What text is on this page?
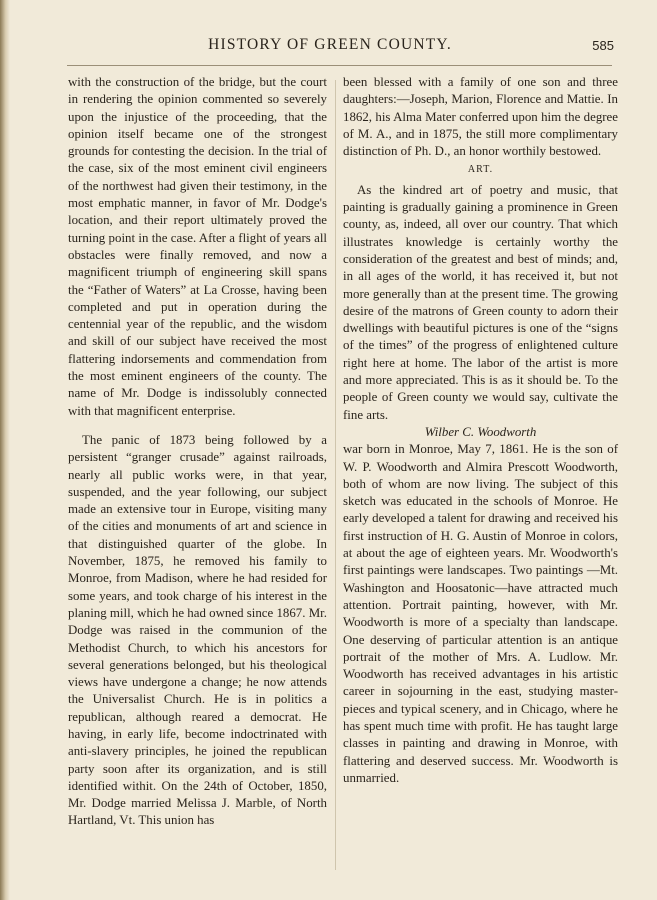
HISTORY OF GREEN COUNTY.	585

with the construction of the bridge, but the court in rendering the opinion commented so severely upon the injustice of the proceeding, that the opinion itself became one of the strongest grounds for contesting the decision. In the trial of the case, six of the most eminent civil engineers of the northwest had given their testimony, in the most emphatic manner, in favor of Mr. Dodge's location, and their report ultimately proved the turning point in the case. After a flight of years all obstacles were finally removed, and now a magnificent triumph of engineering skill spans the “Father of Waters” at La Crosse, having been completed and put in operation during the centennial year of the republic, and the wisdom and skill of our subject have received the most flattering indorsements and commendation from the most eminent engineers of the county. The name of Mr. Dodge is indissolubly connected with that magnificent enterprise.

The panic of 1873 being followed by a persistent “granger crusade” against railroads, nearly all public works were, in that year, suspended, and the year following, our subject made an extensive tour in Europe, visiting many of the cities and monuments of art and science in that distinguished quarter of the globe. In November, 1875, he removed his family to Monroe, from Madison, where he had resided for some years, and took charge of his interest in the planing mill, which he had owned since 1867. Mr. Dodge was raised in the communion of the Methodist Church, to which his ancestors for several generations belonged, but his theological views have undergone a change; he now attends the Universalist Church. He is in politics a republican, although reared a democrat. He having, in early life, become indoctrinated with anti-slavery principles, he joined the republican party soon after its organization, and is still identified withit. On the 24th of October, 1850, Mr. Dodge married Melissa J. Marble, of North Hartland, Vt. This union has

been blessed with a family of one son and three daughters:—Joseph, Marion, Florence and Mattie. In 1862, his Alma Mater conferred upon him the degree of M. A., and in 1875, the still more complimentary distinction of Ph. D., an honor worthily bestowed.

ART.

As the kindred art of poetry and music, that painting is gradually gaining a prominence in Green county, as, indeed, all over our country. That which illustrates knowledge is certainly worthy the consideration of the greatest and best of minds; and, in all ages of the world, it has received it, but not more generally than at the present time. The growing desire of the matrons of Green county to adorn their dwellings with beautiful pictures is one of the “signs of the times” of the progress of enlightened culture right here at home. The labor of the artist is more and more appreciated. This is as it should be. To the people of Green county we would say, cultivate the fine arts.

Wilber C. Woodworth

war born in Monroe, May 7, 1861. He is the son of W. P. Woodworth and Almira Prescott Woodworth, both of whom are now living. The subject of this sketch was educated in the schools of Monroe. He early developed a talent for drawing and received his first instruction of H. G. Austin of Monroe in colors, at about the age of eighteen years. Mr. Woodworth's first paintings were landscapes. Two paintings —Mt. Washington and Hoosatonic—have attracted much attention. Portrait painting, however, with Mr. Woodworth is more of a specialty than landscape. One deserving of particular attention is an antique portrait of the mother of Mrs. A. Ludlow. Mr. Woodworth has received advantages in his artistic career in sojourning in the east, studying master-pieces and typical scenery, and in Chicago, where he has spent much time with profit. He has taught large classes in painting and drawing in Monroe, with flattering and deserved success. Mr. Woodworth is unmarried.
